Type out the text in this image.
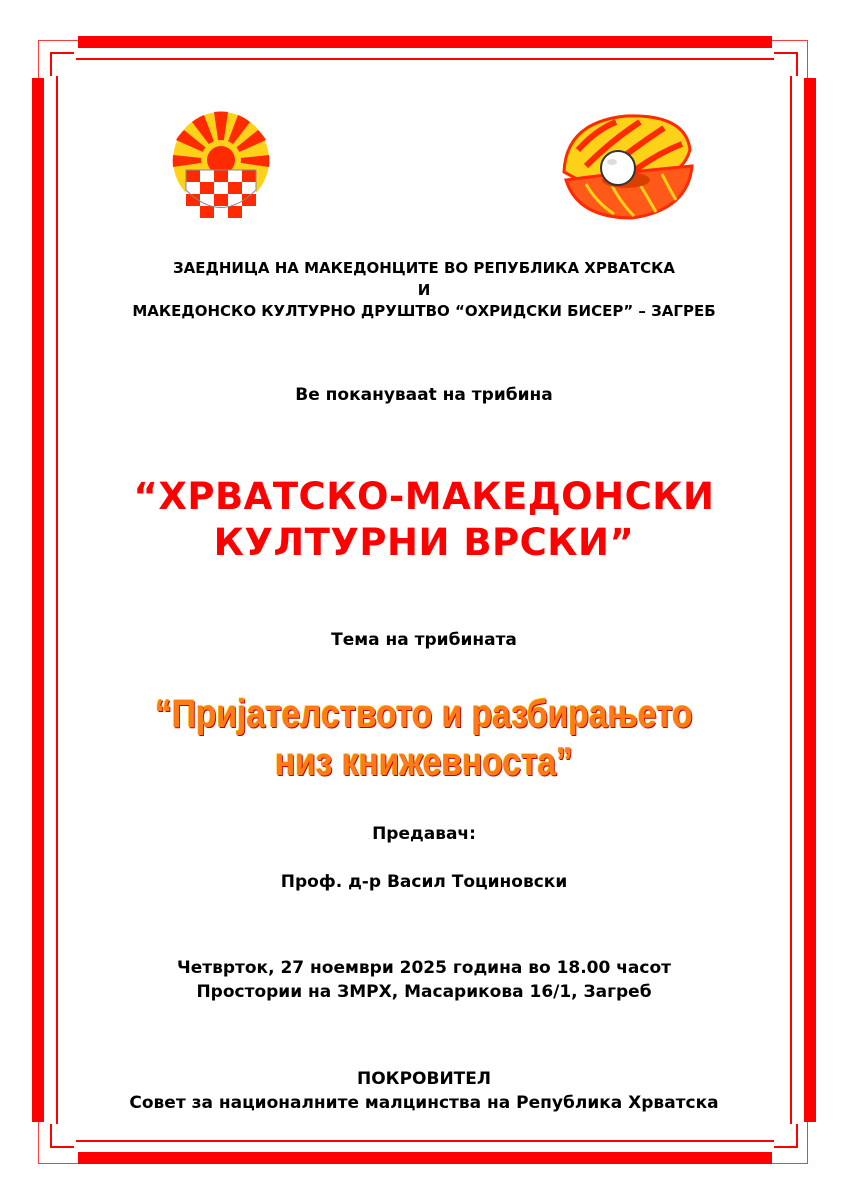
ЗАЕДНИЦА НА МАКЕДОНЦИТЕ ВО РЕПУБЛИКА ХРВАТСКА
И
МАКЕДОНСКО КУЛТУРНО ДРУШТВО “ОХРИДСКИ БИСЕР” – ЗАГРЕБ
Ве поканувааt на трибина
“ХРВАТСКО-МАКЕДОНСКИ
КУЛТУРНИ ВРСКИ”
Тема на трибината
“Пријателството и разбирањето
низ книжевноста”
Предавач:
Проф. д-р Васил Тоциновски
Четврток, 27 ноември 2025 година во 18.00 часот
Простории на ЗМРХ, Масарикова 16/1, Загреб
ПОКРОВИТЕЛ
Совет за националните малцинства на Република Хрватска
